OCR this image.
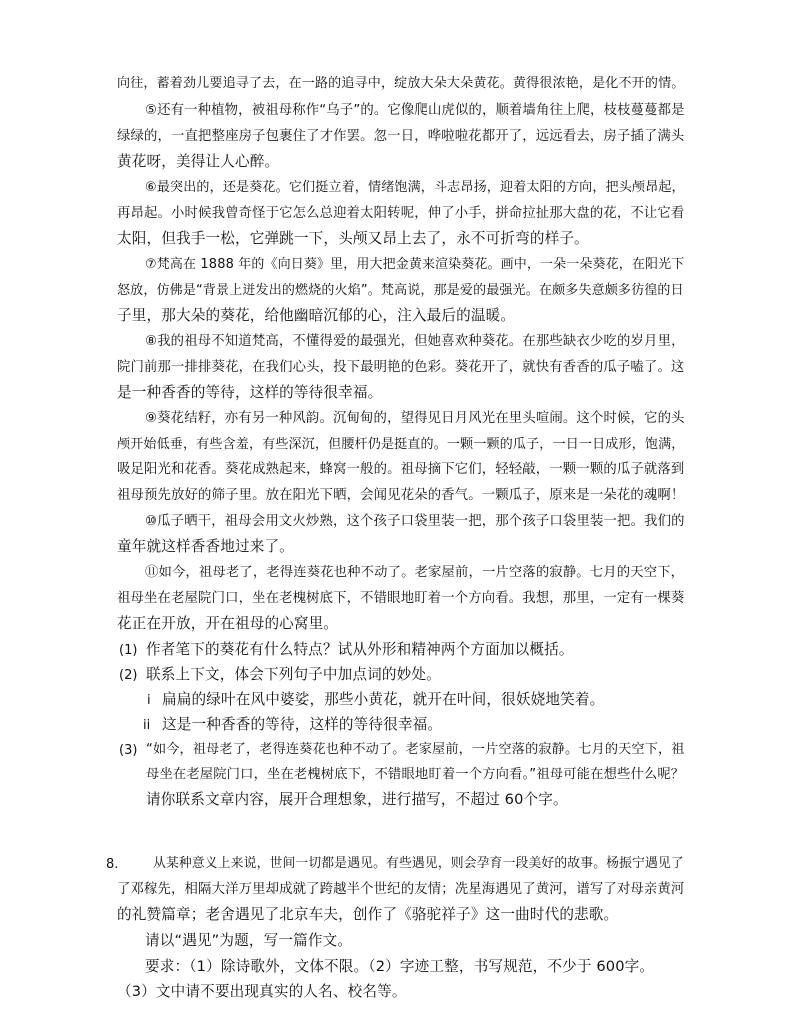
向往，蓄着劲儿要追寻了去，在一路的追寻中，绽放大朵大朵黄花。黄得很浓艳，是化不开的情。
⑤还有一种植物，被祖母称作“乌子”的。它像爬山虎似的，顺着墙角往上爬，枝枝蔓蔓都是
绿绿的，一直把整座房子包裹住了才作罢。忽一日，哗啦啦花都开了，远远看去，房子插了满头
黄花呀，美得让人心醉。
⑥最突出的，还是葵花。它们挺立着，情绪饱满，斗志昂扬，迎着太阳的方向，把头颅昂起，
再昂起。小时候我曾奇怪于它怎么总迎着太阳转呢，伸了小手，拼命拉扯那大盘的花，不让它看
太阳，但我手一松，它弹跳一下，头颅又昂上去了，永不可折弯的样子。
⑦梵高在 1888 年的《向日葵》里，用大把金黄来渲染葵花。画中，一朵一朵葵花，在阳光下
怒放，仿佛是“背景上迸发出的燃烧的火焰”。梵高说，那是爱的最强光。在颇多失意颇多彷徨的日
子里，那大朵的葵花，给他幽暗沉郁的心，注入最后的温暖。
⑧我的祖母不知道梵高，不懂得爱的最强光，但她喜欢种葵花。在那些缺衣少吃的岁月里，
院门前那一排排葵花，在我们心头，投下最明艳的色彩。葵花开了，就快有香香的瓜子嗑了。这
是一种香香的等待，这样的等待很幸福。
⑨葵花结籽，亦有另一种风韵。沉甸甸的，望得见日月风光在里头喧闹。这个时候，它的头
颅开始低垂，有些含羞，有些深沉，但腰杆仍是挺直的。一颗一颗的瓜子，一日一日成形，饱满，
吸足阳光和花香。葵花成熟起来，蜂窝一般的。祖母摘下它们，轻轻敲，一颗一颗的瓜子就落到
祖母预先放好的筛子里。放在阳光下晒，会闻见花朵的香气。一颗瓜子，原来是一朵花的魂啊！
⑩瓜子晒干，祖母会用文火炒熟，这个孩子口袋里装一把，那个孩子口袋里装一把。我们的
童年就这样香香地过来了。
⑪如今，祖母老了，老得连葵花也种不动了。老家屋前，一片空落的寂静。七月的天空下，
祖母坐在老屋院门口，坐在老槐树底下，不错眼地盯着一个方向看。我想，那里，一定有一棵葵
花正在开放，开在祖母的心窝里。
(1) 作者笔下的葵花有什么特点？试从外形和精神两个方面加以概括。
(2) 联系上下文，体会下列句子中加点词的妙处。
i 扁扁的绿叶在风中婆娑，那些小黄花，就开在叶间，很妖娆地笑着。
ii 这是一种香香的等待，这样的等待很幸福。
(3) “如今，祖母老了，老得连葵花也种不动了。老家屋前，一片空落的寂静。七月的天空下，祖
母坐在老屋院门口，坐在老槐树底下，不错眼地盯着一个方向看。”祖母可能在想些什么呢？
请你联系文章内容，展开合理想象，进行描写，不超过 60个字。
8.	从某种意义上来说，世间一切都是遇见。有些遇见，则会孕育一段美好的故事。杨振宁遇见了
了邓稼先，相隔大洋万里却成就了跨越半个世纪的友情；冼星海遇见了黄河，谱写了对母亲黄河
的礼赞篇章；老舍遇见了北京车夫，创作了《骆驼祥子》这一曲时代的悲歌。
请以“遇见”为题，写一篇作文。
要求：（1）除诗歌外，文体不限。（2）字迹工整，书写规范，不少于 600字。
（3）文中请不要出现真实的人名、校名等。
